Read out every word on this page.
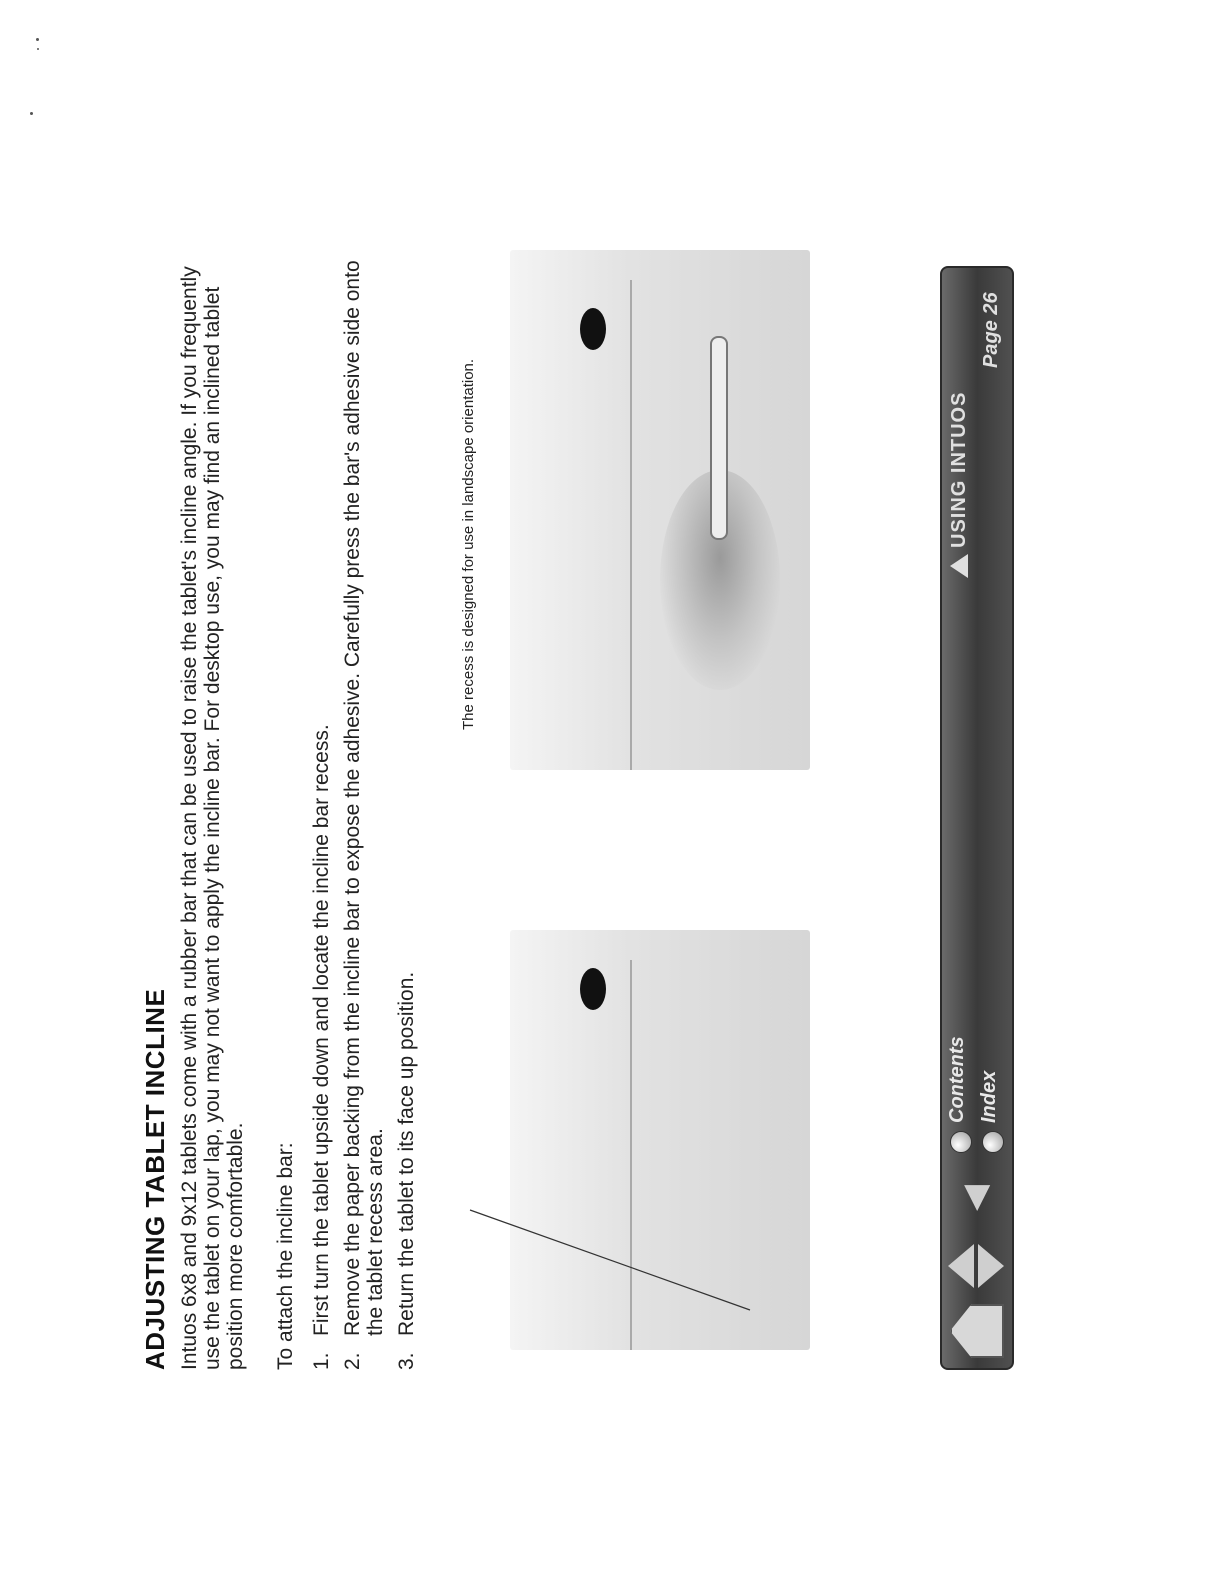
ADJUSTING TABLET INCLINE Intuos 6x8 and 9x12 tablets come with a rubber bar that can be used to raise the tablet's incline angle. If you frequently use the tablet on your lap, you may not want to apply the incline bar. For desktop use, you may find an inclined tablet position more comfortable. To attach the incline bar: 1.
First turn the tablet upside down and locate the incline bar recess.
2.
Remove the paper backing from the incline bar to expose the adhesive. Carefully press the bar's adhesive side onto the tablet recess area.
3.
Return the tablet to its face up position.
The recess is designed for use in landscape orientation.
◀
Contents Index
USING INTUOS
Page 26
